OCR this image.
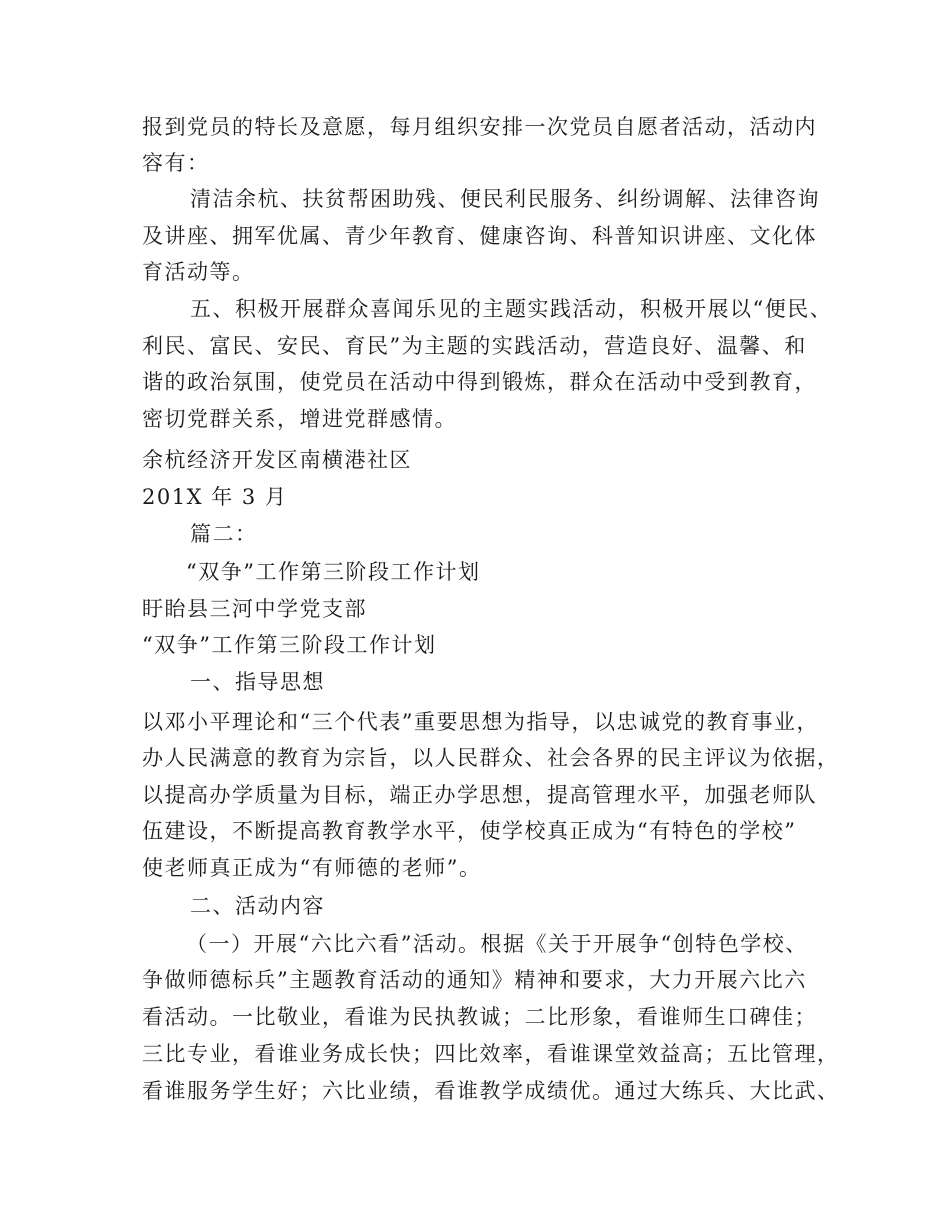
报到党员的特长及意愿，每月组织安排一次党员自愿者活动，活动内
容有：
清洁余杭、扶贫帮困助残、便民利民服务、纠纷调解、法律咨询
及讲座、拥军优属、青少年教育、健康咨询、科普知识讲座、文化体
育活动等。
五、积极开展群众喜闻乐见的主题实践活动，积极开展以“便民、
利民、富民、安民、育民”为主题的实践活动，营造良好、温馨、和
谐的政治氛围，使党员在活动中得到锻炼，群众在活动中受到教育，
密切党群关系，增进党群感情。
余杭经济开发区南横港社区
201X 年 3 月
篇二：
“双争”工作第三阶段工作计划
盱眙县三河中学党支部
“双争”工作第三阶段工作计划
一、指导思想
以邓小平理论和“三个代表”重要思想为指导，以忠诚党的教育事业，
办人民满意的教育为宗旨，以人民群众、社会各界的民主评议为依据，
以提高办学质量为目标，端正办学思想，提高管理水平，加强老师队
伍建设，不断提高教育教学水平，使学校真正成为“有特色的学校”
使老师真正成为“有师德的老师”。
二、活动内容
（一）开展“六比六看”活动。根据《关于开展争“创特色学校、
争做师德标兵”主题教育活动的通知》精神和要求，大力开展六比六
看活动。一比敬业，看谁为民执教诚；二比形象，看谁师生口碑佳；
三比专业，看谁业务成长快；四比效率，看谁课堂效益高；五比管理，
看谁服务学生好；六比业绩，看谁教学成绩优。通过大练兵、大比武、
